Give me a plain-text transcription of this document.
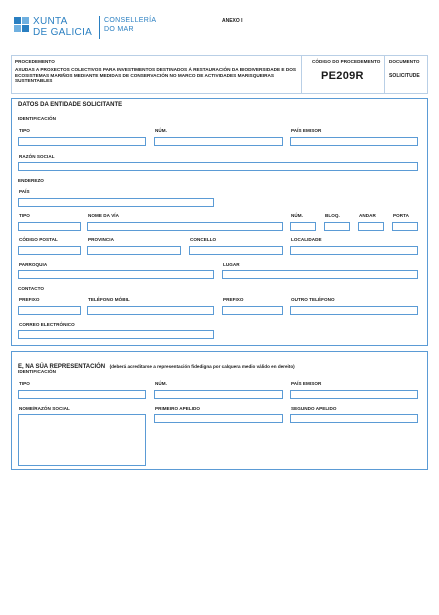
XUNTA
DE GALICIA
CONSELLERÍA
DO MAR
ANEXO I
PROCEDEMENTO
AXUDAS A PROXECTOS COLECTIVOS PARA INVESTIMENTOS DESTINADOS Á RESTAURACIÓN DA BIODIVERSIDADE E DOS ECOSISTEMAS MARIÑOS MEDIANTE MEDIDAS DE CONSERVACIÓN NO MARCO DE ACTIVIDADES MARISQUEIRAS SUSTENTABLES
CÓDIGO DO PROCEDEMENTO
PE209R
DOCUMENTO
SOLICITUDE
DATOS DA ENTIDADE SOLICITANTE
IDENTIFICACIÓN
TIPO	NÚM.	PAÍS EMISOR
RAZÓN SOCIAL
ENDEREZO
PAÍS
TIPO	NOME DA VÍA	NÚM.	BLOQ.	ANDAR	PORTA
CÓDIGO POSTAL	PROVINCIA	CONCELLO	LOCALIDADE
PARROQUIA	LUGAR
CONTACTO
PREFIXO	TELÉFONO MÓBIL	PREFIXO	OUTRO TELÉFONO
CORREO ELECTRÓNICO
E, NA SÚA REPRESENTACIÓN (deberá acreditarse a representación fidedigna por calquera medio válido en dereito)
IDENTIFICACIÓN
TIPO	NÚM.	PAÍS EMISOR
NOME/RAZÓN SOCIAL	PRIMEIRO APELIDO	SEGUNDO APELIDO
